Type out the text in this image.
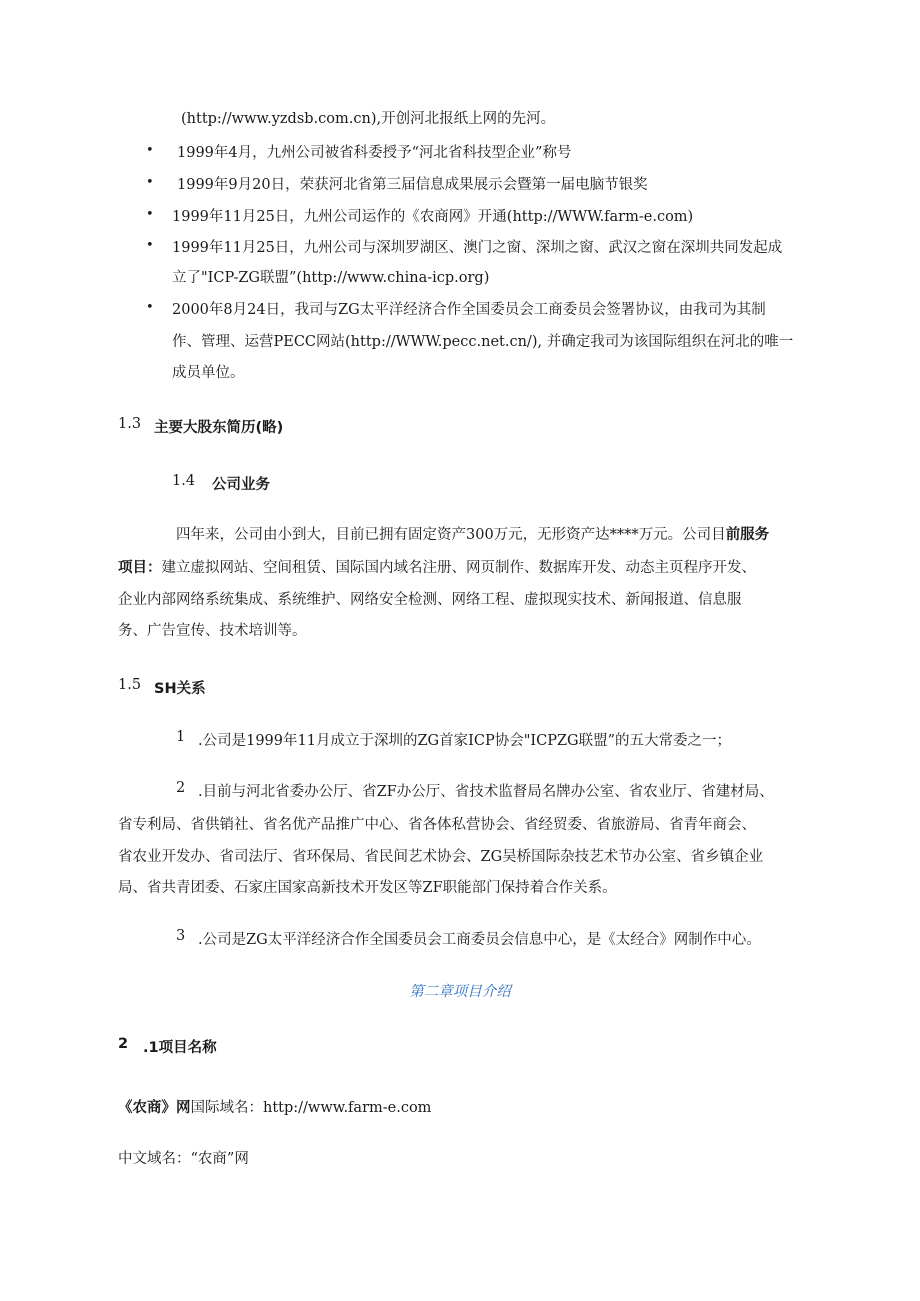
(http://www.yzdsb.com.cn),开创河北报纸上网的先河。
• 1999年4月，九州公司被省科委授予“河北省科技型企业”称号
• 1999年9月20日，荣获河北省第三届信息成果展示会暨第一届电脑节银奖
• 1999年11月25日，九州公司运作的《农商网》开通(http://WWW.farm-e.com)
• 1999年11月25日，九州公司与深圳罗湖区、澳门之窗、深圳之窗、武汉之窗在深圳共同发起成
立了"ICP-ZG联盟”(http://www.china-icp.org)
• 2000年8月24日，我司与ZG太平洋经济合作全国委员会工商委员会签署协议，由我司为其制
作、管理、运营PECC网站(http://WWW.pecc.net.cn/), 并确定我司为该国际组织在河北的唯一
成员单位。
1.3 主要大股东简历(略)
1.4 公司业务
四年来，公司由小到大，目前已拥有固定资产300万元，无形资产达****万元。公司目前服务
项目：建立虚拟网站、空间租赁、国际国内域名注册、网页制作、数据库开发、动态主页程序开发、
企业内部网络系统集成、系统维护、网络安全检测、网络工程、虚拟现实技术、新闻报道、信息服
务、广告宣传、技术培训等。
1.5 SH关系
1 .公司是1999年11月成立于深圳的ZG首家ICP协会"ICPZG联盟”的五大常委之一；
2 .目前与河北省委办公厅、省ZF办公厅、省技术监督局名牌办公室、省农业厅、省建材局、
省专利局、省供销社、省名优产品推广中心、省各体私营协会、省经贸委、省旅游局、省青年商会、
省农业开发办、省司法厅、省环保局、省民间艺术协会、ZG吴桥国际杂技艺术节办公室、省乡镇企业
局、省共青团委、石家庄国家高新技术开发区等ZF职能部门保持着合作关系。
3 .公司是ZG太平洋经济合作全国委员会工商委员会信息中心，是《太经合》网制作中心。
第二章项目介绍
2 .1项目名称
《农商》网国际域名：http://www.farm-e.com
中文域名：“农商”网
